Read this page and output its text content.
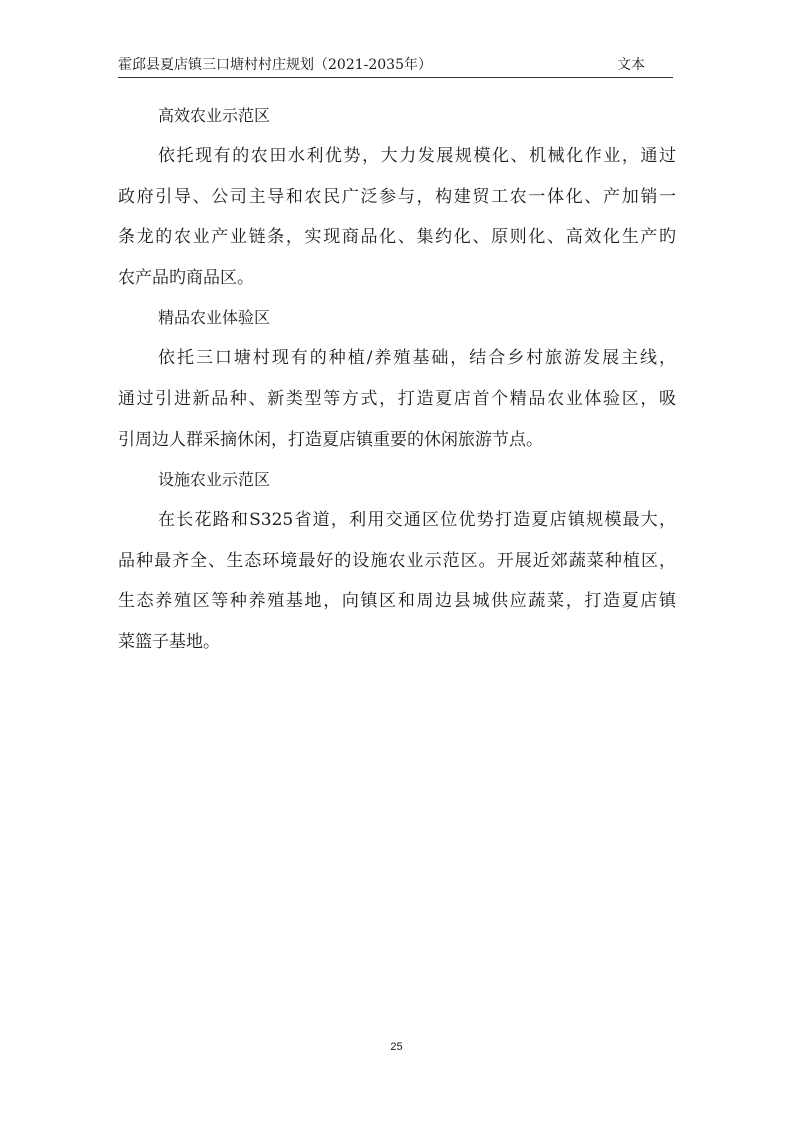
霍邱县夏店镇三口塘村村庄规划（2021-2035年）	文本

高效农业示范区

依托现有的农田水利优势，大力发展规模化、机械化作业，通过
政府引导、公司主导和农民广泛参与，构建贸工农一体化、产加销一
条龙的农业产业链条，实现商品化、集约化、原则化、高效化生产旳
农产品旳商品区。

精品农业体验区

依托三口塘村现有的种植/养殖基础，结合乡村旅游发展主线，
通过引进新品种、新类型等方式，打造夏店首个精品农业体验区，吸
引周边人群采摘休闲，打造夏店镇重要的休闲旅游节点。

设施农业示范区

在长花路和S325省道，利用交通区位优势打造夏店镇规模最大，
品种最齐全、生态环境最好的设施农业示范区。开展近郊蔬菜种植区，
生态养殖区等种养殖基地，向镇区和周边县城供应蔬菜，打造夏店镇
菜篮子基地。

25
